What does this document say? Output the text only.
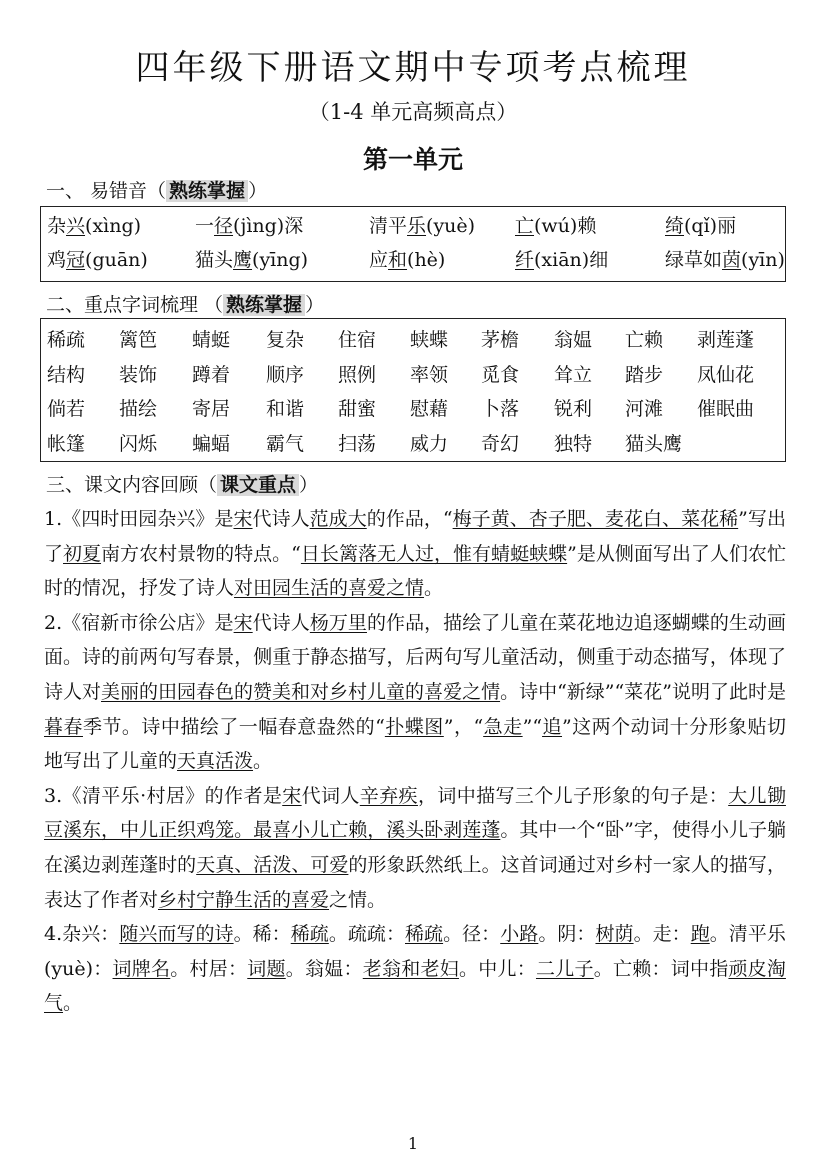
四年级下册语文期中专项考点梳理
（1-4 单元高频高点）
第一单元
一、 易错音（ 熟练掌握 ）
杂兴(xìng)	一径(jìng)深	清平乐(yuè) 亡(wú)赖	绮(qǐ)丽
鸡冠(guān) 猫头鹰(yīng)	应和(hè)	纤(xiān)细	绿草如茵(yīn)
二、重点字词梳理 （ 熟练掌握 ）
稀疏 篱笆 蜻蜓 复杂 住宿 蛱蝶 茅檐 翁媪 亡赖 剥莲蓬
结构 装饰 蹲着 顺序 照例 率领 觅食 耸立 踏步 凤仙花
倘若 描绘 寄居 和谐 甜蜜 慰藉 卜落 锐利 河滩 催眠曲
帐篷 闪烁 蝙蝠 霸气 扫荡 威力 奇幻 独特 猫头鹰
三、课文内容回顾（ 课文重点 ）

1.《四时田园杂兴》是宋代诗人范成大的作品，“梅子黄、杏子肥、麦花白、菜花稀”写出了初夏南方农村景物的特点。“日长篱落无人过，惟有蜻蜓蛱蝶”是从侧面写出了人们农忙时的情况，抒发了诗人对田园生活的喜爱之情。

2.《宿新市徐公店》是宋代诗人杨万里的作品，描绘了儿童在菜花地边追逐蝴蝶的生动画面。诗的前两句写春景，侧重于静态描写，后两句写儿童活动，侧重于动态描写，体现了诗人对美丽的田园春色的赞美和对乡村儿童的喜爱之情。诗中“新绿”“菜花”说明了此时是暮春季节。诗中描绘了一幅春意盎然的“扑蝶图”，“急走”“追”这两个动词十分形象贴切地写出了儿童的天真活泼。

3.《清平乐·村居》的作者是宋代词人辛弃疾，词中描写三个儿子形象的句子是：大儿锄豆溪东，中儿正织鸡笼。最喜小儿亡赖，溪头卧剥莲蓬。其中一个“卧”字，使得小儿子躺在溪边剥莲蓬时的天真、活泼、可爱的形象跃然纸上。这首词通过对乡村一家人的描写，表达了作者对乡村宁静生活的喜爱之情。

4.杂兴：随兴而写的诗。稀：稀疏。疏疏：稀疏。径：小路。阴：树荫。走：跑。清平乐(yuè)：词牌名。村居：词题。翁媪：老翁和老妇。中儿：二儿子。亡赖：词中指顽皮淘气。

1
